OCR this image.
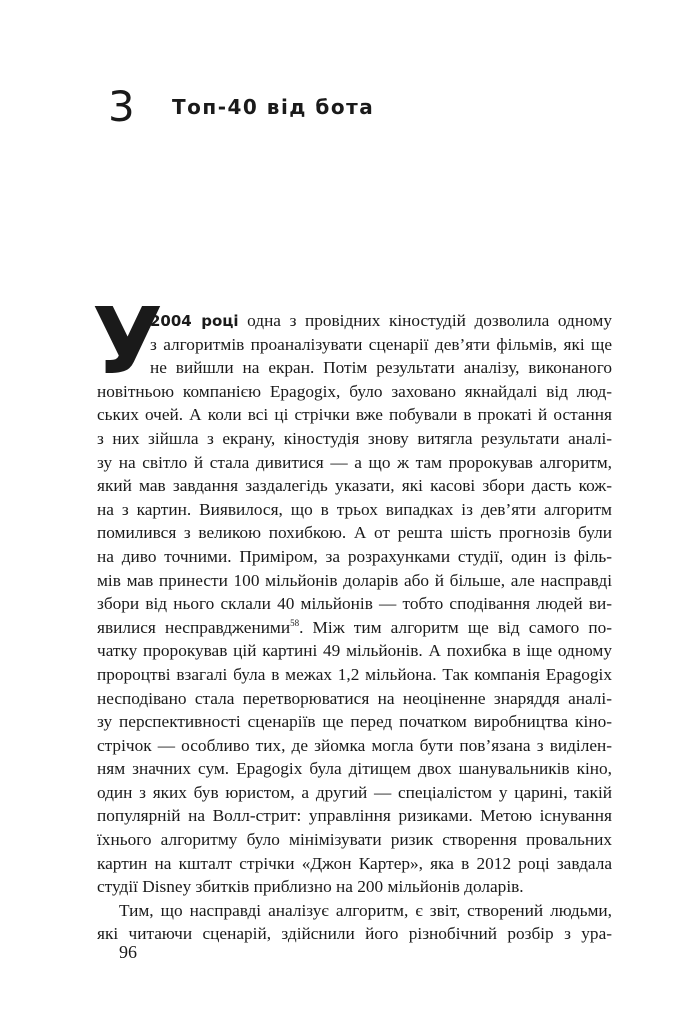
3 Топ-40 від бота
У
2004 році одна з провідних кіностудій дозволила одному
з алгоритмів проаналізувати сценарії дев’яти фільмів, які ще
не вийшли на екран. Потім результати аналізу, виконаного
новітньою компанією Epagogix, було заховано якнайдалі від люд-
ських очей. А коли всі ці стрічки вже побували в прокаті й остання
з них зійшла з екрану, кіностудія знову витягла результати аналі-
зу на світло й стала дивитися — а що ж там пророкував алгоритм,
який мав завдання заздалегідь указати, які касові збори дасть кож-
на з картин. Виявилося, що в трьох випадках із дев’яти алгоритм
помилився з великою похибкою. А от решта шість прогнозів були
на диво точними. Приміром, за розрахунками студії, один із філь-
мів мав принести 100 мільйонів доларів або й більше, але насправді
збори від нього склали 40 мільйонів — тобто сподівання людей ви-
явилися несправдженими$^{58}$. Між тим алгоритм ще від самого по-
чатку пророкував цій картині 49 мільйонів. А похибка в іще одному
пророцтві взагалі була в межах 1,2 мільйона. Так компанія Epagogix
несподівано стала перетворюватися на неоціненне знаряддя аналі-
зу перспективності сценаріїв ще перед початком виробництва кіно-
стрічок — особливо тих, де зйомка могла бути пов’язана з виділен-
ням значних сум. Epagogix була дітищем двох шанувальників кіно,
один з яких був юристом, а другий — спеціалістом у царині, такій
популярній на Волл-стрит: управління ризиками. Метою існування
їхнього алгоритму було мінімізувати ризик створення провальних
картин на кшталт стрічки «Джон Картер», яка в 2012 році завдала
студії Disney збитків приблизно на 200 мільйонів доларів.
Тим, що насправді аналізує алгоритм, є звіт, створений людьми,
які читаючи сценарій, здійснили його різнобічний розбір з ура-
96
